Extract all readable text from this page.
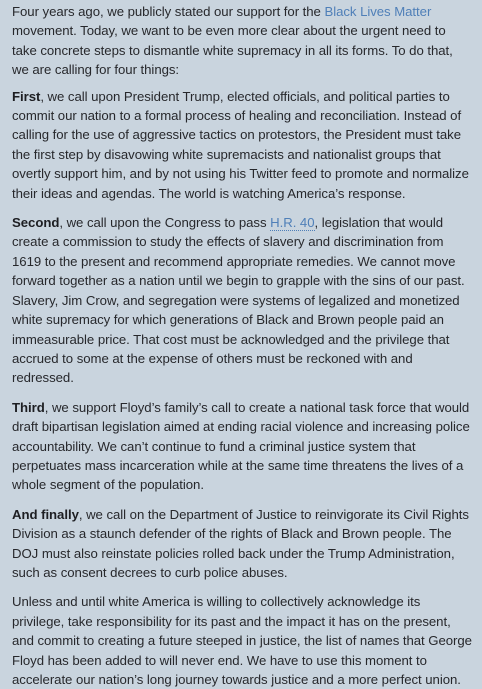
Four years ago, we publicly stated our support for the Black Lives Matter movement. Today, we want to be even more clear about the urgent need to take concrete steps to dismantle white supremacy in all its forms. To do that, we are calling for four things:

First, we call upon President Trump, elected officials, and political parties to commit our nation to a formal process of healing and reconciliation. Instead of calling for the use of aggressive tactics on protestors, the President must take the first step by disavowing white supremacists and nationalist groups that overtly support him, and by not using his Twitter feed to promote and normalize their ideas and agendas. The world is watching America’s response.

Second, we call upon the Congress to pass H.R. 40, legislation that would create a commission to study the effects of slavery and discrimination from 1619 to the present and recommend appropriate remedies. We cannot move forward together as a nation until we begin to grapple with the sins of our past. Slavery, Jim Crow, and segregation were systems of legalized and monetized white supremacy for which generations of Black and Brown people paid an immeasurable price. That cost must be acknowledged and the privilege that accrued to some at the expense of others must be reckoned with and redressed.

Third, we support Floyd’s family’s call to create a national task force that would draft bipartisan legislation aimed at ending racial violence and increasing police accountability. We can’t continue to fund a criminal justice system that perpetuates mass incarceration while at the same time threatens the lives of a whole segment of the population.

And finally, we call on the Department of Justice to reinvigorate its Civil Rights Division as a staunch defender of the rights of Black and Brown people. The DOJ must also reinstate policies rolled back under the Trump Administration, such as consent decrees to curb police abuses.

Unless and until white America is willing to collectively acknowledge its privilege, take responsibility for its past and the impact it has on the present, and commit to creating a future steeped in justice, the list of names that George Floyd has been added to will never end. We have to use this moment to accelerate our nation’s long journey towards justice and a more perfect union.
